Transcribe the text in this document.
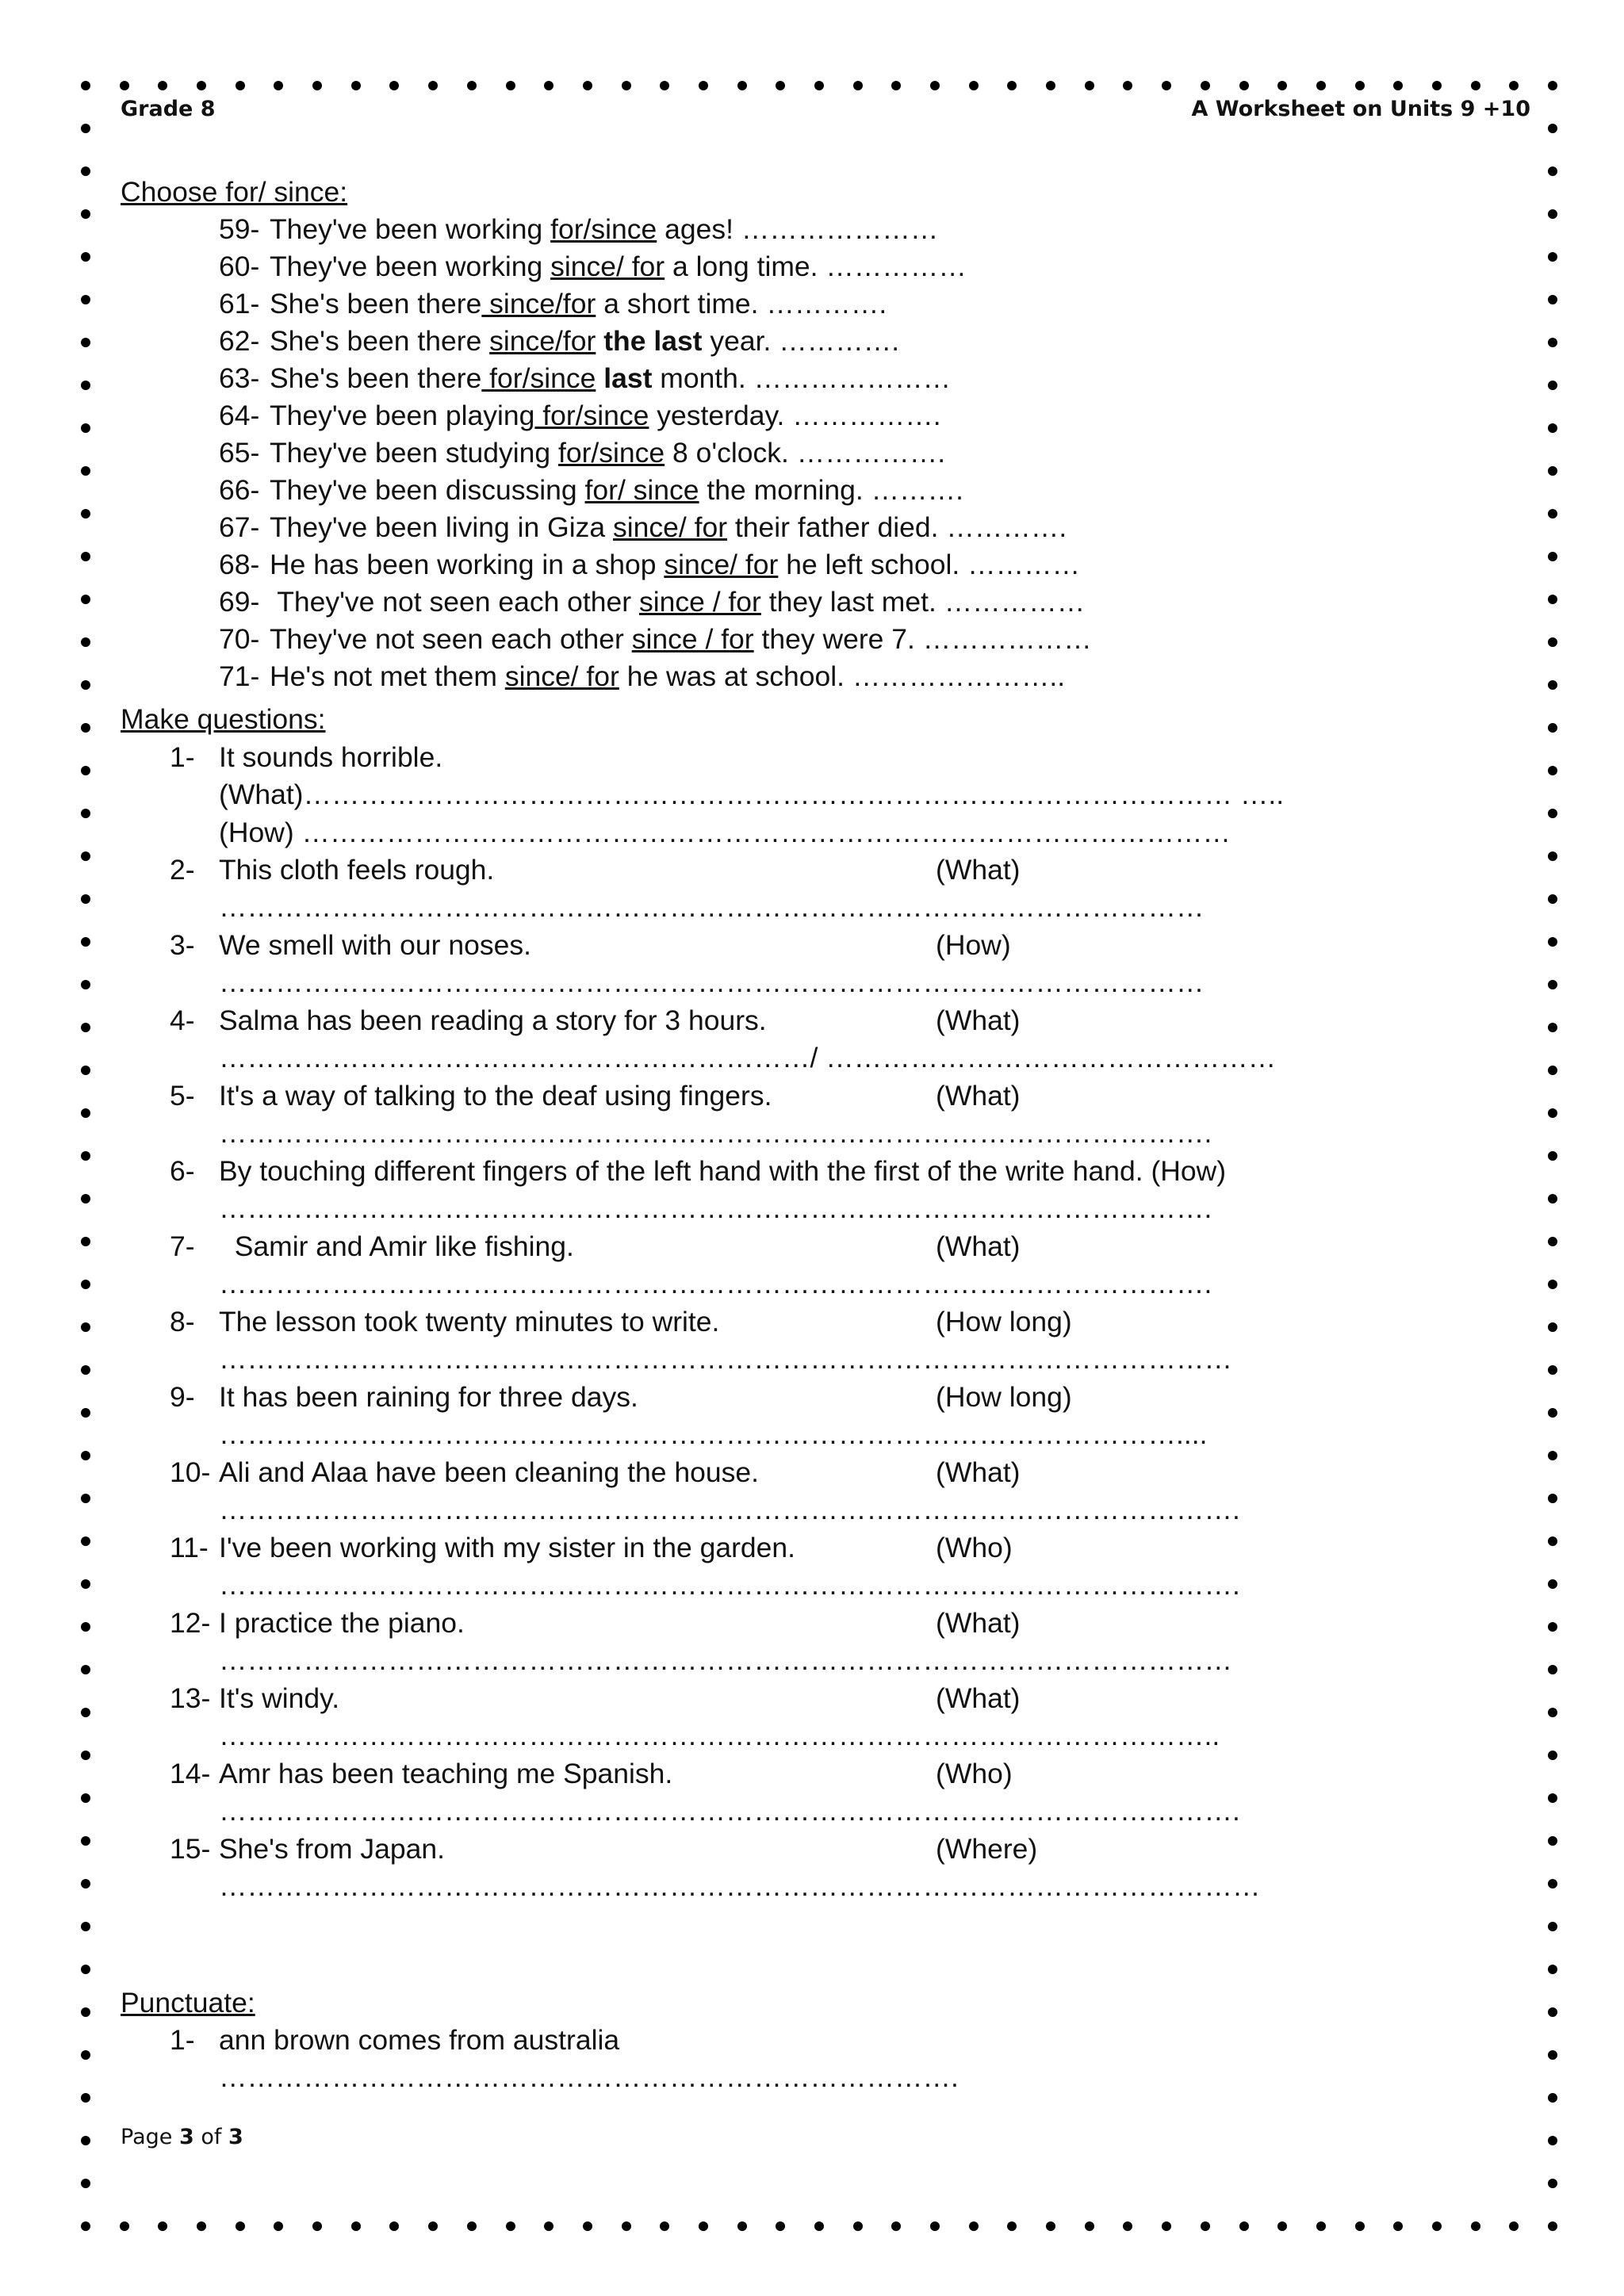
Grade 8	A Worksheet on Units 9 +10
Choose for/ since:
59- They've been working for/since ages! …………………
60- They've been working since/ for a long time. ……………
61- She's been there since/for a short time. ………….
62- She's been there since/for the last year. ………….
63- She's been there for/since last month. …………………
64- They've been playing for/since yesterday. …………….
65- They've been studying for/since 8 o'clock. …………….
66- They've been discussing for/ since the morning. ……….
67- They've been living in Giza since/ for their father died. ………….
68- He has been working in a shop since/ for he left school. …………
69- They've not seen each other since / for they last met. ……………
70- They've not seen each other since / for they were 7. ………………
71- He's not met them since/ for he was at school. …………………..
Make questions:
1- It sounds horrible.
(What)……………………………………………………………………………………… …..
(How) ………………………………………………………………………………………
2- This cloth feels rough.	(What)
……………………………………………………………………………………………
3- We smell with our noses.	(How)
……………………………………………………………………………………………
4- Salma has been reading a story for 3 hours.	(What)
………………………………………………………/ …………………………………………
5- It's a way of talking to the deaf using fingers.	(What)
…………………………………………………………………………………………….
6- By touching different fingers of the left hand with the first of the write hand. (How)
…………………………………………………………………………………………….
7- Samir and Amir like fishing.	(What)
…………………………………………………………………………………………….
8- The lesson took twenty minutes to write.	(How long)
………………………………………………………………………………………………
9- It has been raining for three days.	(How long)
…………………………………………………………………………………………....
10- Ali and Alaa have been cleaning the house.	(What)
……………………………………………………………………………………………….
11- I've been working with my sister in the garden.	(Who)
……………………………………………………………………………………………….
12- I practice the piano.	(What)
………………………………………………………………………………………………
13- It's windy.	(What)
……………………………………………………………………………………………..
14- Amr has been teaching me Spanish.	(Who)
……………………………………………………………………………………………….
15- She's from Japan.	(Where)
…………………………………………………………………………………………………
Punctuate:
1- ann brown comes from australia
…………………………………………………………………….
Page 3 of 3
